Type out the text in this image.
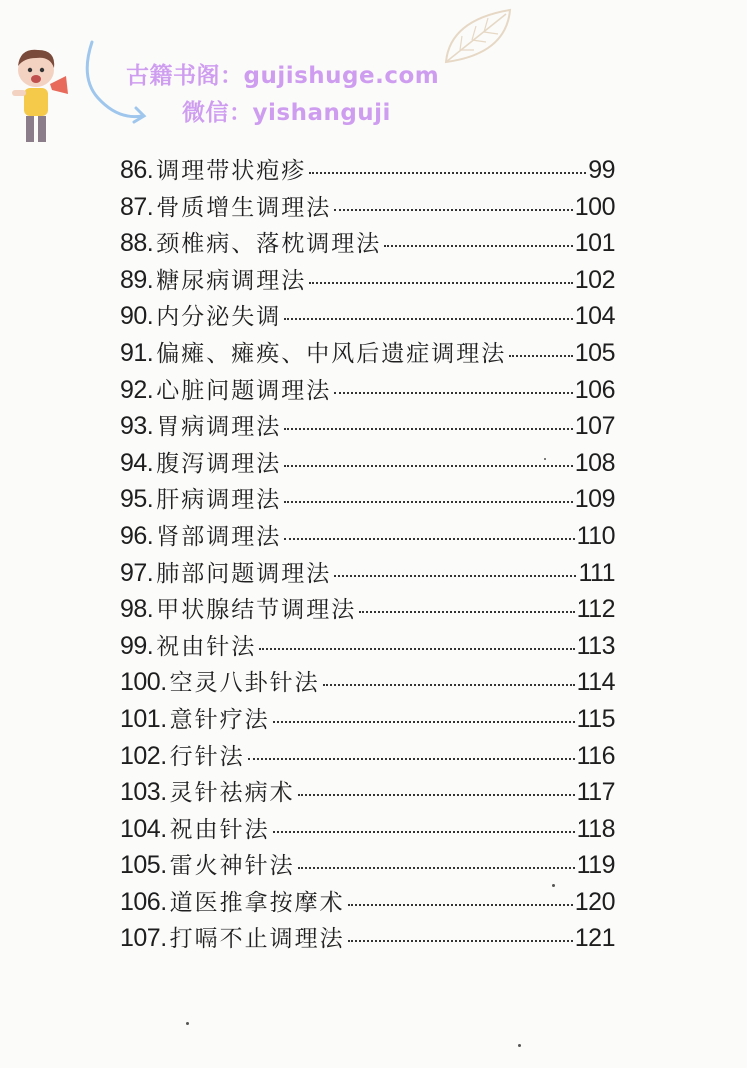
古籍书阁：gujishuge.com
微信：yishanguji
86. 调理带状疱疹	99
87. 骨质增生调理法	100
88. 颈椎病、落枕调理法	101
89. 糖尿病调理法	102
90. 内分泌失调	104
91. 偏瘫、瘫痪、中风后遗症调理法	105
92. 心脏问题调理法	106
93. 胃病调理法	107
94. 腹泻调理法	108
95. 肝病调理法	109
96. 肾部调理法	110
97. 肺部问题调理法	111
98. 甲状腺结节调理法	112
99. 祝由针法	113
100. 空灵八卦针法	114
101. 意针疗法	115
102. 行针法	116
103. 灵针祛病术	117
104. 祝由针法	118
105. 雷火神针法	119
106. 道医推拿按摩术	120
107. 打嗝不止调理法	121
